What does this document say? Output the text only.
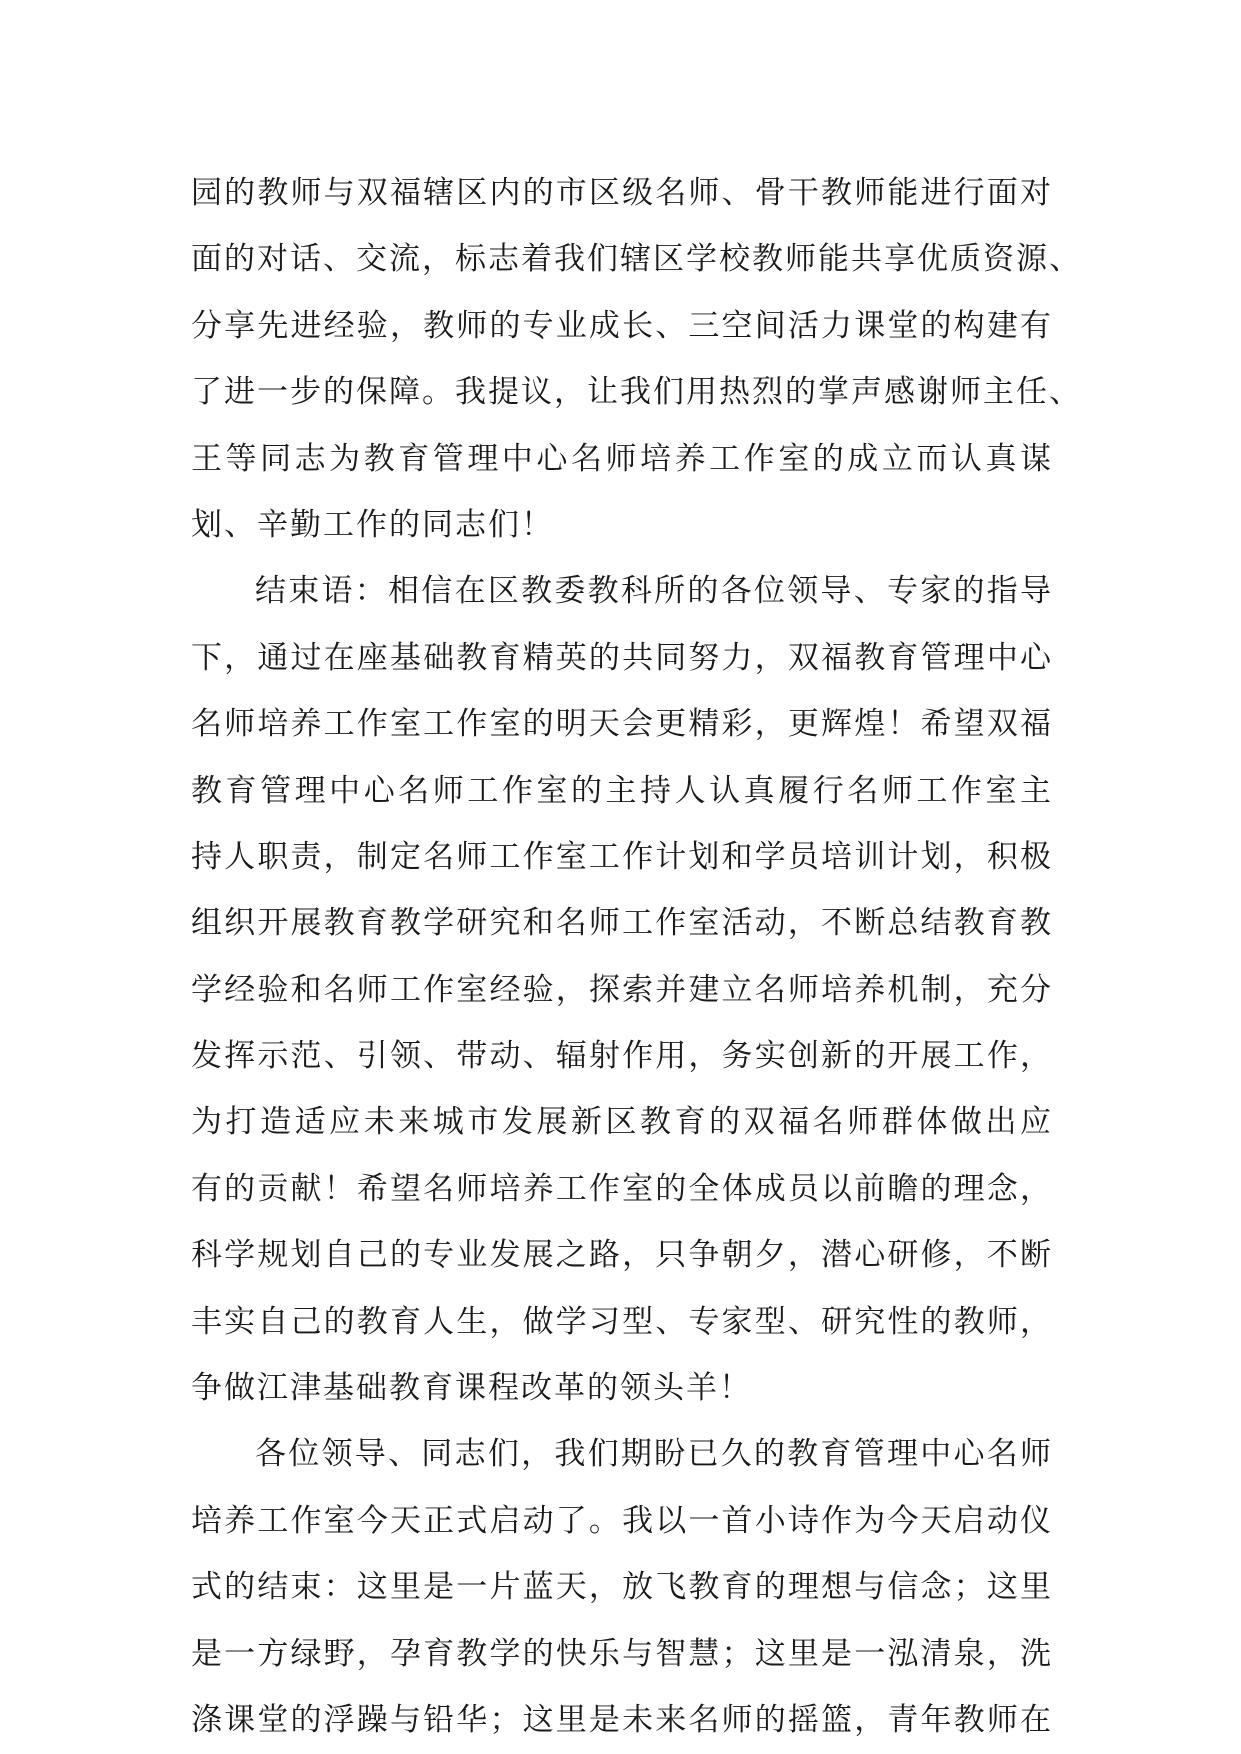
园的教师与双福辖区内的市区级名师、骨干教师能进行面对
面的对话、交流，标志着我们辖区学校教师能共享优质资源、
分享先进经验，教师的专业成长、三空间活力课堂的构建有
了进一步的保障。我提议，让我们用热烈的掌声感谢师主任、
王等同志为教育管理中心名师培养工作室的成立而认真谋
划、辛勤工作的同志们！
结束语：相信在区教委教科所的各位领导、专家的指导
下，通过在座基础教育精英的共同努力，双福教育管理中心
名师培养工作室工作室的明天会更精彩，更辉煌！希望双福
教育管理中心名师工作室的主持人认真履行名师工作室主
持人职责，制定名师工作室工作计划和学员培训计划，积极
组织开展教育教学研究和名师工作室活动，不断总结教育教
学经验和名师工作室经验，探索并建立名师培养机制，充分
发挥示范、引领、带动、辐射作用，务实创新的开展工作，
为打造适应未来城市发展新区教育的双福名师群体做出应
有的贡献！希望名师培养工作室的全体成员以前瞻的理念，
科学规划自己的专业发展之路，只争朝夕，潜心研修，不断
丰实自己的教育人生，做学习型、专家型、研究性的教师，
争做江津基础教育课程改革的领头羊！
各位领导、同志们，我们期盼已久的教育管理中心名师
培养工作室今天正式启动了。我以一首小诗作为今天启动仪
式的结束：这里是一片蓝天，放飞教育的理想与信念；这里
是一方绿野，孕育教学的快乐与智慧；这里是一泓清泉，洗
涤课堂的浮躁与铅华；这里是未来名师的摇篮，青年教师在
